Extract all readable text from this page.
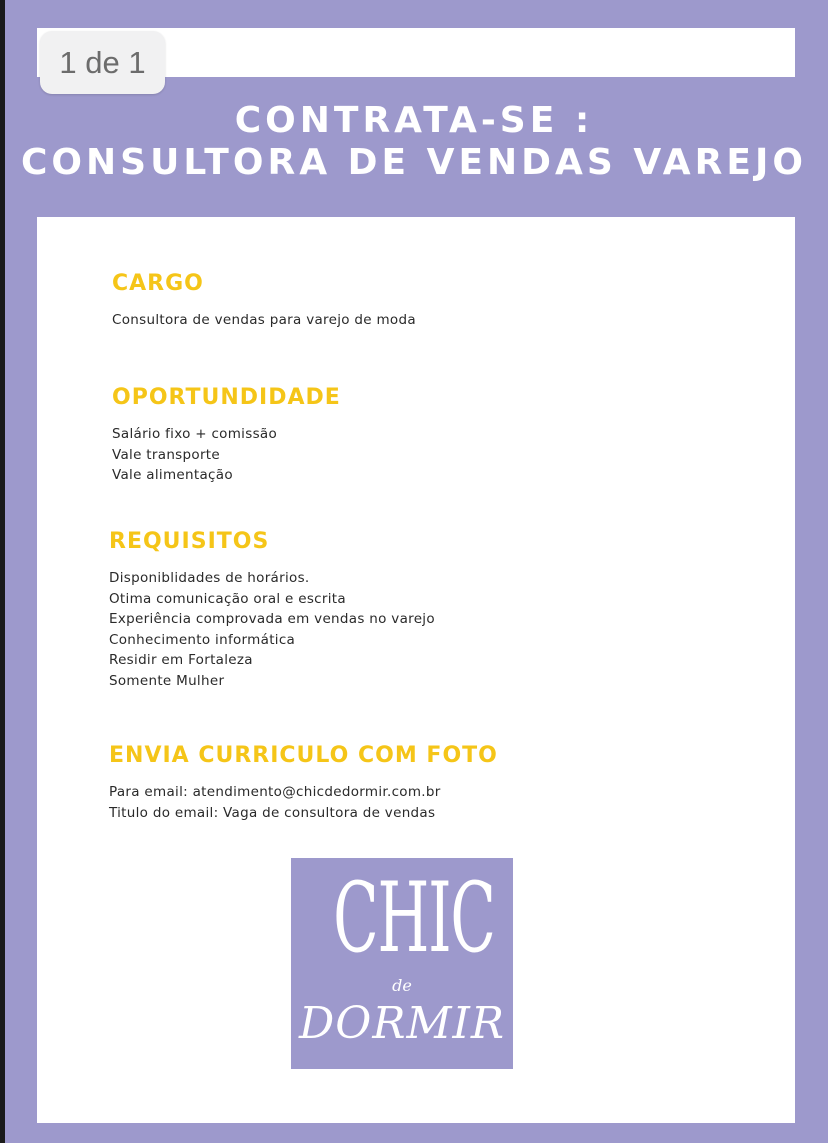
1 de 1
CONTRATA-SE :
CONSULTORA DE VENDAS VAREJO
CARGO
Consultora de vendas para varejo de moda
OPORTUNDIDADE
Salário fixo + comissão
Vale transporte
Vale alimentação
REQUISITOS
Disponiblidades de horários.
Otima comunicação oral e escrita
Experiência comprovada em vendas no varejo
Conhecimento informática
Residir em Fortaleza
Somente Mulher
ENVIA CURRICULO COM FOTO
Para email: atendimento@chicdedormir.com.br
Titulo do email: Vaga de consultora de vendas
CHIC
de
DORMIR
